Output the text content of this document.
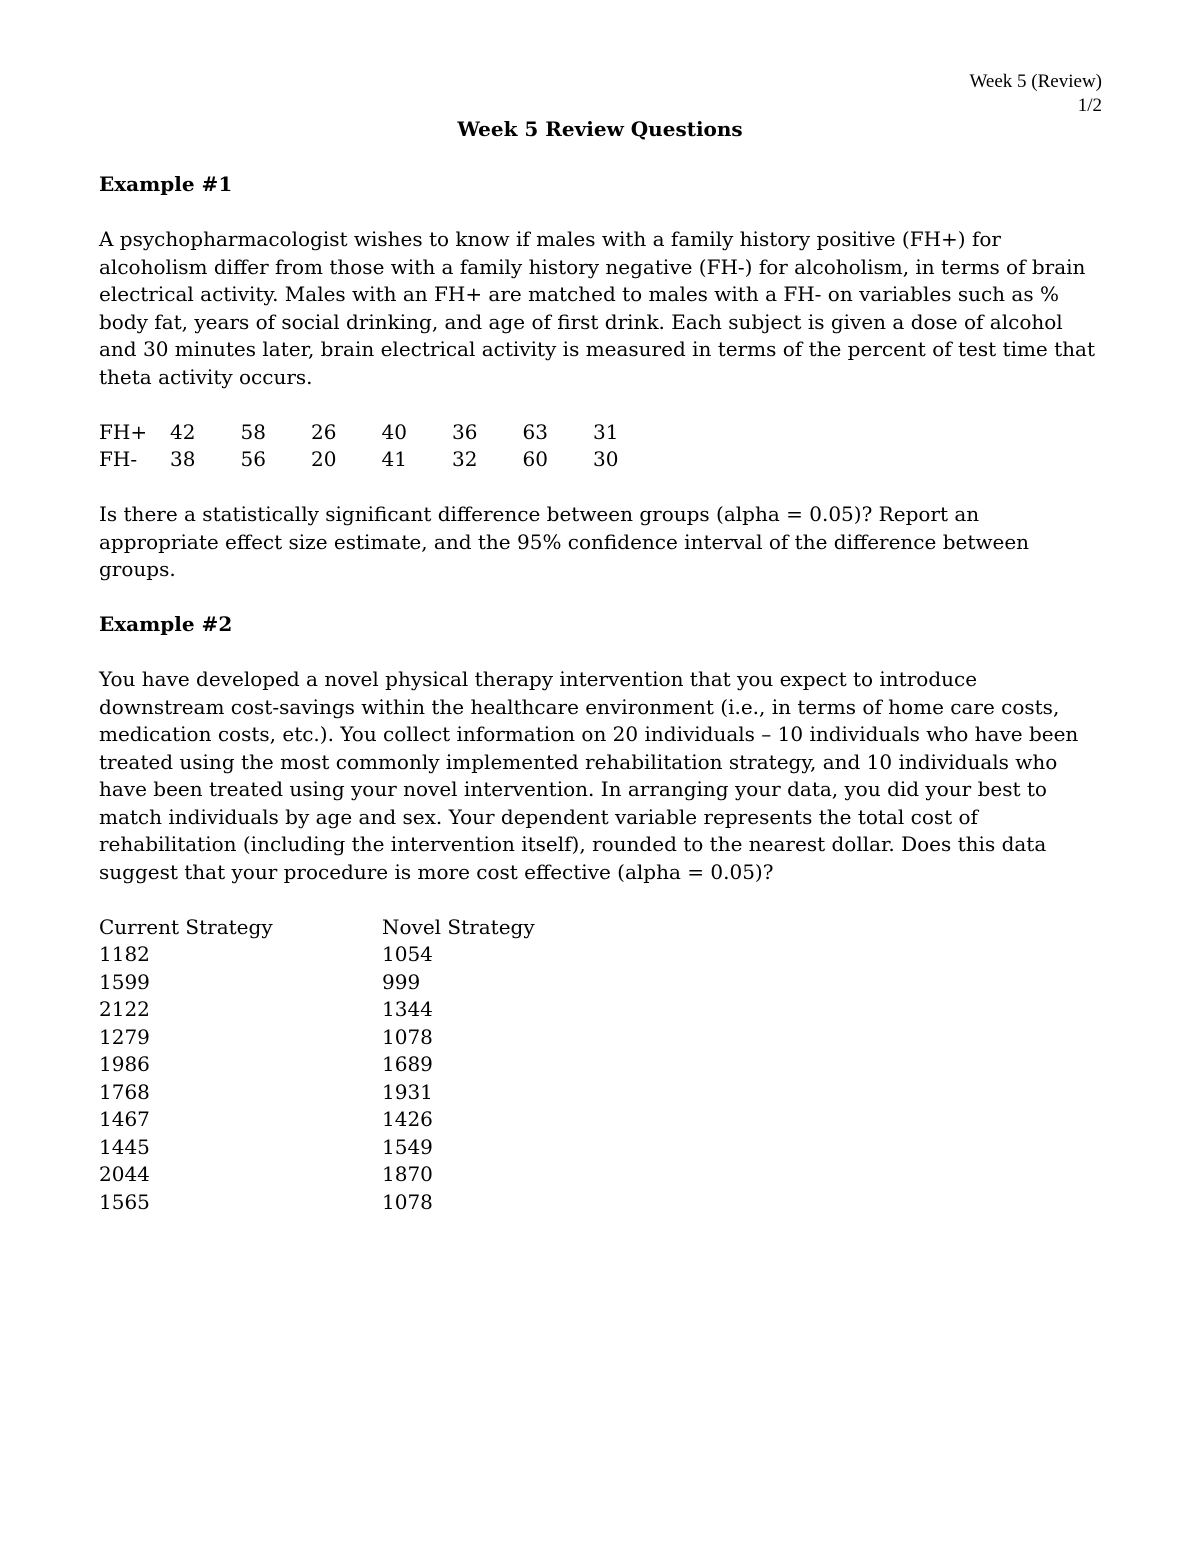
Week 5 (Review)
1/2
Week 5 Review Questions
Example #1
A psychopharmacologist wishes to know if males with a family history positive (FH+) for alcoholism differ from those with a family history negative (FH-) for alcoholism, in terms of brain electrical activity. Males with an FH+ are matched to males with a FH- on variables such as % body fat, years of social drinking, and age of first drink. Each subject is given a dose of alcohol and 30 minutes later, brain electrical activity is measured in terms of the percent of test time that theta activity occurs.
FH+	42	58	26	40	36	63	31
FH-	38	56	20	41	32	60	30
Is there a statistically significant difference between groups (alpha = 0.05)? Report an appropriate effect size estimate, and the 95% confidence interval of the difference between groups.
Example #2
You have developed a novel physical therapy intervention that you expect to introduce downstream cost-savings within the healthcare environment (i.e., in terms of home care costs, medication costs, etc.). You collect information on 20 individuals – 10 individuals who have been treated using the most commonly implemented rehabilitation strategy, and 10 individuals who have been treated using your novel intervention. In arranging your data, you did your best to match individuals by age and sex. Your dependent variable represents the total cost of rehabilitation (including the intervention itself), rounded to the nearest dollar. Does this data suggest that your procedure is more cost effective (alpha = 0.05)?
Current Strategy	Novel Strategy
1182	1054
1599	999
2122	1344
1279	1078
1986	1689
1768	1931
1467	1426
1445	1549
2044	1870
1565	1078
